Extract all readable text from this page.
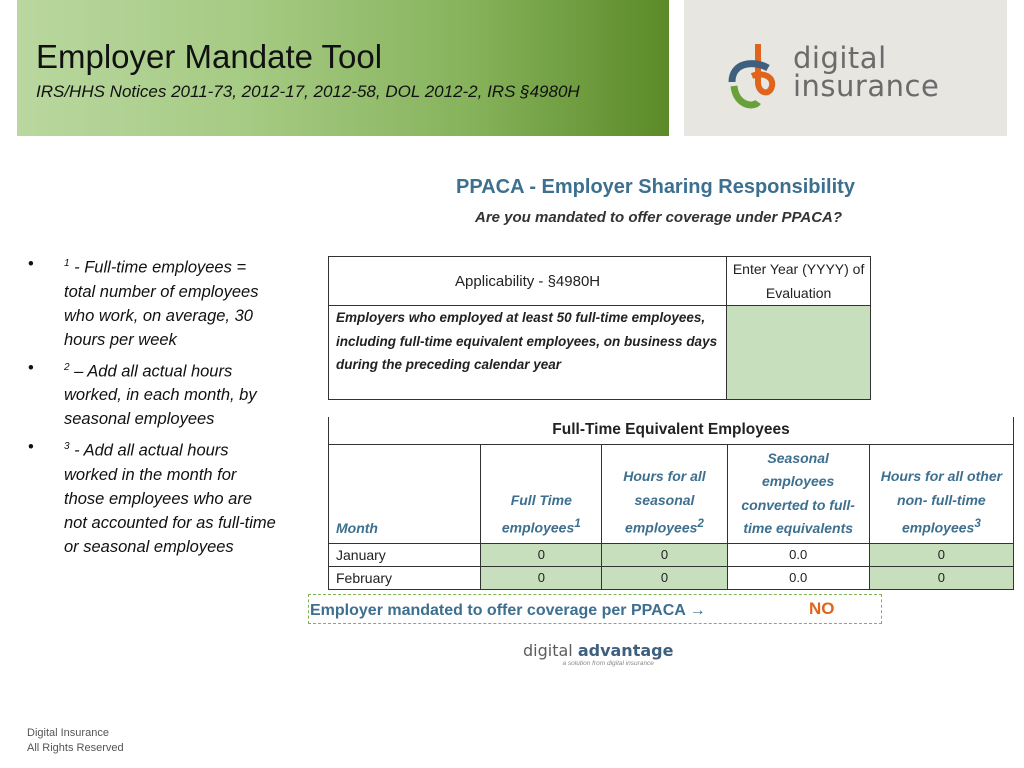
Employer Mandate Tool
IRS/HHS Notices 2011-73, 2012-17, 2012-58, DOL 2012-2, IRS §4980H
digital
insurance
PPACA - Employer Sharing Responsibility
Are you mandated to offer coverage under PPACA?
•	$^1$ - Full-time employees = total number of employees who work, on average, 30 hours per week
•	$^2$ – Add all actual hours worked, in each month, by seasonal employees
•	$^3$ - Add all actual hours worked in the month for those employees who are not accounted for as full-time or seasonal employees
Applicability - §4980H	Enter Year (YYYY) of Evaluation
Employers who employed at least 50 full-time employees, including full-time equivalent employees, on business days during the preceding calendar year	
Full-Time Equivalent Employees				
Month	Full Time employees$^1$	Hours for all seasonal employees$^2$	Seasonal employees converted to full-time equivalents	Hours for all other non- full-time employees$^3$
January	0	0	0.0	0
February	0	0	0.0	0
Employer mandated to offer coverage per PPACA →	NO
digital advantage
a solution from digital insurance
Digital Insurance
All Rights Reserved
